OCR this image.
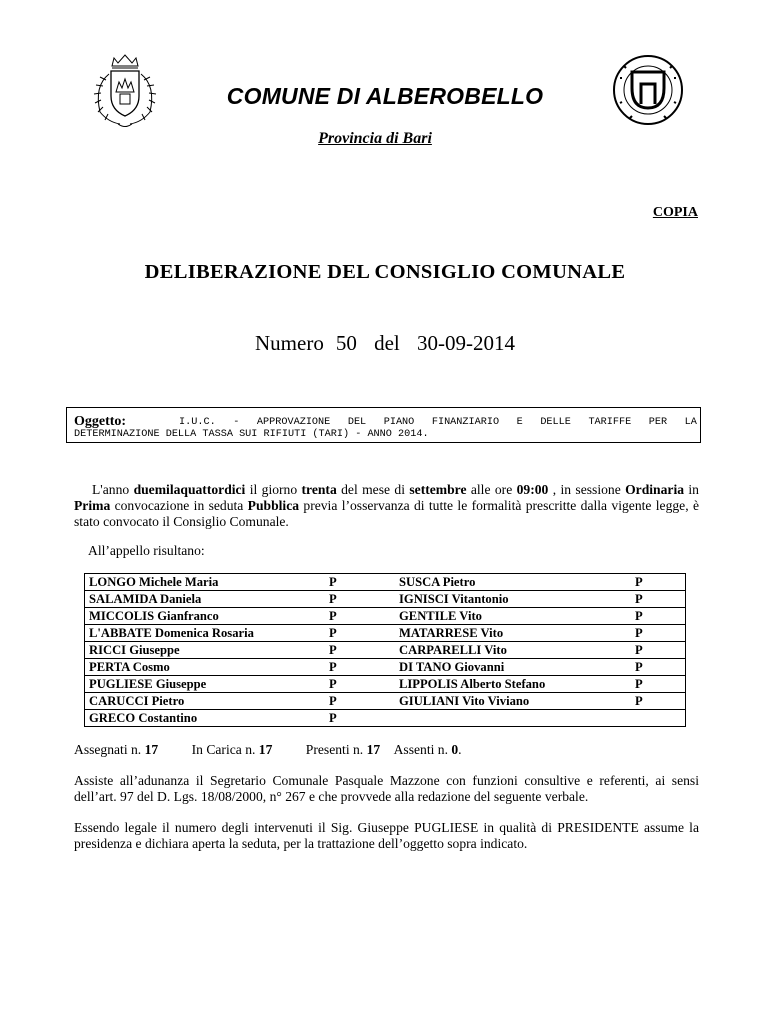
COMUNE DI ALBEROBELLO
Provincia di Bari
COPIA
DELIBERAZIONE DEL CONSIGLIO COMUNALE
Numero 50 del 30-09-2014
Oggetto:	I.U.C. - APPROVAZIONE DEL PIANO FINANZIARIO E DELLE TARIFFE PER LA
DETERMINAZIONE DELLA TASSA SUI RIFIUTI (TARI) - ANNO 2014.
L'anno duemilaquattordici il giorno trenta del mese di settembre alle ore 09:00 , in sessione Ordinaria in Prima convocazione in seduta Pubblica previa l’osservanza di tutte le formalità prescritte dalla vigente legge, è stato convocato il Consiglio Comunale.
All’appello risultano:
LONGO Michele Maria	P	SUSCA Pietro	P
SALAMIDA Daniela	P	IGNISCI Vitantonio	P
MICCOLIS Gianfranco	P	GENTILE Vito	P
L'ABBATE Domenica Rosaria	P	MATARRESE Vito	P
RICCI Giuseppe	P	CARPARELLI Vito	P
PERTA Cosmo	P	DI TANO Giovanni	P
PUGLIESE Giuseppe	P	LIPPOLIS Alberto Stefano	P
CARUCCI Pietro	P	GIULIANI Vito Viviano	P
GRECO Costantino	P		
Assegnati n. 17 In Carica n. 17 Presenti n. 17 Assenti n. 0.
Assiste all’adunanza il Segretario Comunale Pasquale Mazzone con funzioni consultive e referenti, ai sensi dell’art. 97 del D. Lgs. 18/08/2000, n° 267 e che provvede alla redazione del seguente verbale.
Essendo legale il numero degli intervenuti il Sig. Giuseppe PUGLIESE in qualità di PRESIDENTE assume la presidenza e dichiara aperta la seduta, per la trattazione dell’oggetto sopra indicato.
